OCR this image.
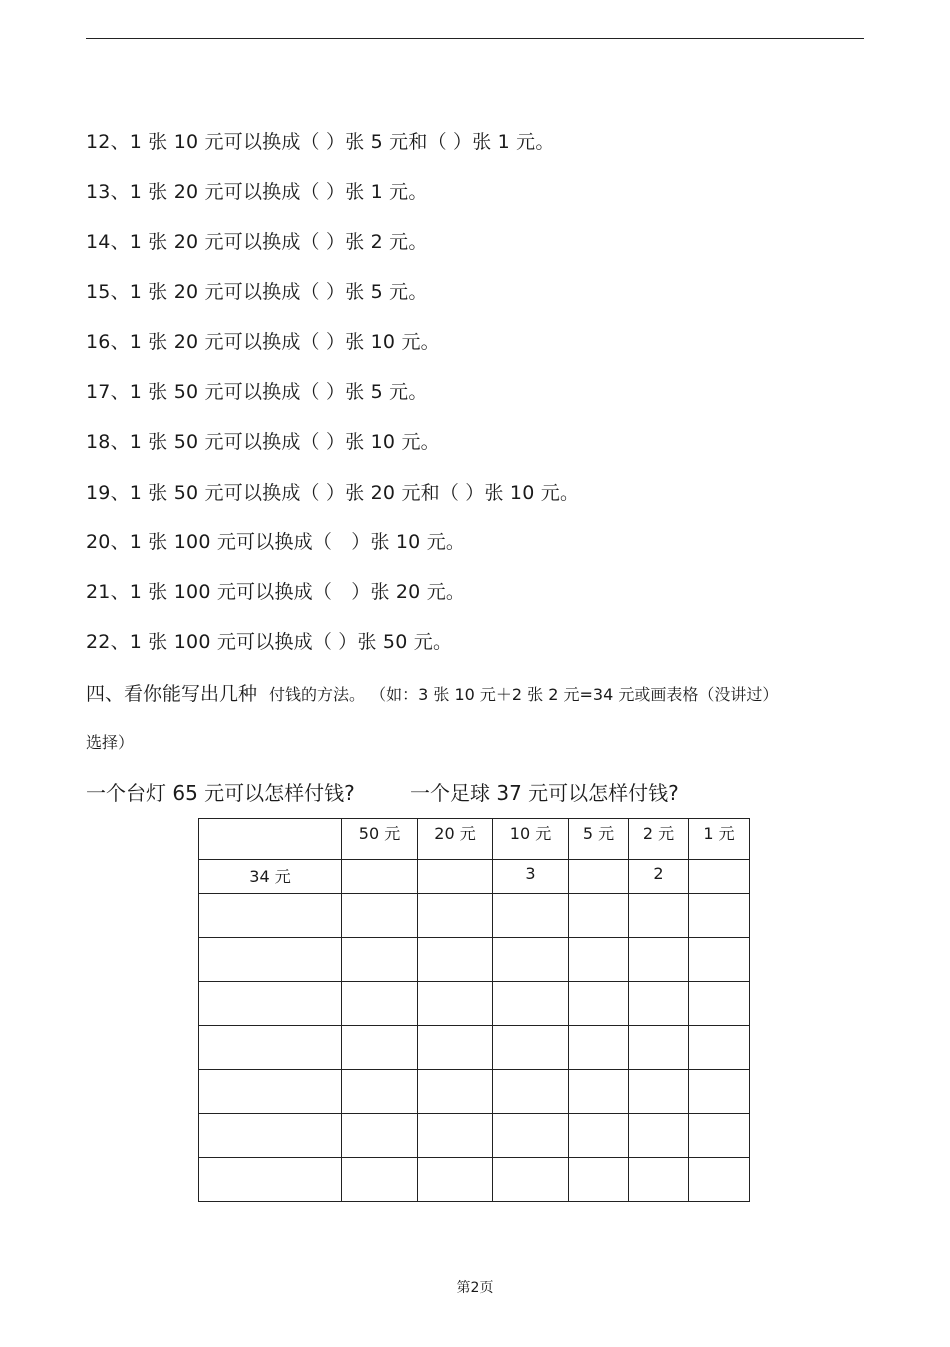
12、1 张 10 元可以换成（ ）张 5 元和（ ）张 1 元。
13、1 张 20 元可以换成（ ）张 1 元。
14、1 张 20 元可以换成（ ）张 2 元。
15、1 张 20 元可以换成（ ）张 5 元。
16、1 张 20 元可以换成（ ）张 10 元。
17、1 张 50 元可以换成（ ）张 5 元。
18、1 张 50 元可以换成（ ）张 10 元。
19、1 张 50 元可以换成（ ）张 20 元和（ ）张 10 元。
20、1 张 100 元可以换成（　）张 10 元。
21、1 张 100 元可以换成（　）张 20 元。
22、1 张 100 元可以换成（ ）张 50 元。
四、看你能写出几种 付钱的方法。 （如：3 张 10 元＋2 张 2 元=34 元或画表格（没讲过）
选择）
一个台灯 65 元可以怎样付钱?	一个足球 37 元可以怎样付钱?
	50 元	20 元	10 元	5 元	2 元	1 元
34 元			3		2	

第2页
